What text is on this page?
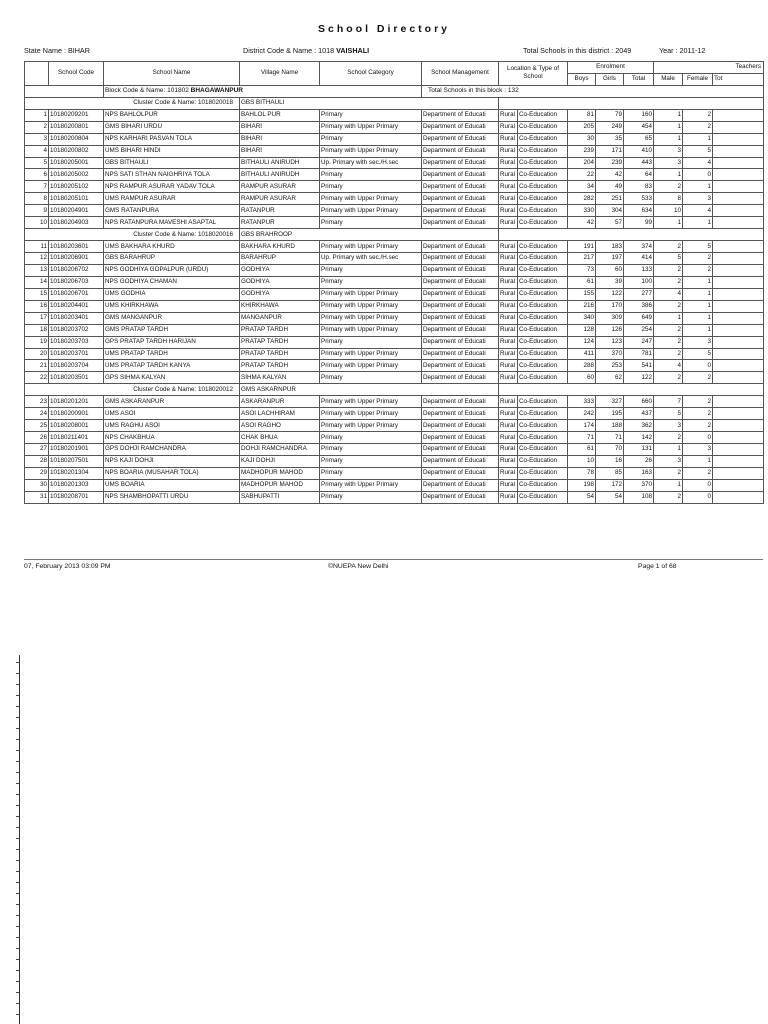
School Directory
State Name : BIHAR	District Code & Name : 1018 VAISHALI	Total Schools in this district : 2049	Year : 2011-12
	School Code	School Name	Village Name	School Category	School Management	Location & Type of School		Enrolment			Teachers		
								Boys	Girls	Total	Male	Female	Tot
		Block Code & Name: 101802 BHAGAWANPUR			Total Schools in this block : 132								
Cluster Code & Name: 1018020018			GBS BITHAULI										
1	10180209201	NPS BAHLOLPUR	BAHLOL PUR	Primary	Department of Educati	Rural	Co-Education	81	79	160	1	2	
2	10180200801	GMS BIHARI URDU	BIHARI	Primary with Upper Primary	Department of Educati	Rural	Co-Education	205	249	454	1	2	
3	10180200804	NPS KARHARI PASVAN TOLA	BIHARI	Primary	Department of Educati	Rural	Co-Education	30	35	65	1	1	
4	10180200802	UMS BIHARI HINDI	BIHARI	Primary with Upper Primary	Department of Educati	Rural	Co-Education	239	171	410	3	5	
5	10180205001	GBS BITHAULI	BITHAULI ANIRUDH	Up. Primary with sec./H.sec	Department of Educati	Rural	Co-Education	204	239	443	3	4	
6	10180205002	NPS SATI STHAN NAIGHRIYA TOLA	BITHAULI ANIRUDH	Primary	Department of Educati	Rural	Co-Education	22	42	64	1	0	
7	10180205102	NPS RAMPUR ASURAR YADAV TOLA	RAMPUR ASURAR	Primary	Department of Educati	Rural	Co-Education	34	49	83	2	1	
8	10180205101	UMS RAMPUR ASURAR	RAMPUR ASURAR	Primary with Upper Primary	Department of Educati	Rural	Co-Education	282	251	533	8	3	
9	10180204901	GMS RATANPURA	RATANPUR	Primary with Upper Primary	Department of Educati	Rural	Co-Education	330	304	634	10	4	
10	10180204903	NPS RATANPURA MAVESHI ASAPTAL	RATANPUR	Primary	Department of Educati	Rural	Co-Education	42	57	99	1	1	
Cluster Code & Name: 1018020016			GBS BRAHROOP										
11	10180203601	UMS BAKHARA KHURD	BAKHARA KHURD	Primary with Upper Primary	Department of Educati	Rural	Co-Education	191	183	374	2	5	
12	10180206901	GBS BARAHRUP	BARAHRUP	Up. Primary with sec./H.sec	Department of Educati	Rural	Co-Education	217	197	414	5	2	
13	10180206702	NPS GODHIYA GOPALPUR (URDU)	GODHIYA	Primary	Department of Educati	Rural	Co-Education	73	60	133	2	2	
14	10180206703	NPS GODHIYA CHAMAN	GODHIYA	Primary	Department of Educati	Rural	Co-Education	61	39	100	2	1	
15	10180206701	UMS GODHIA	GODHIYA	Primary with Upper Primary	Department of Educati	Rural	Co-Education	155	122	277	4	1	
16	10180204401	UMS KHIRKHAWA	KHIRKHAWA	Primary with Upper Primary	Department of Educati	Rural	Co-Education	216	170	386	2	1	
17	10180203401	GMS MANGANPUR	MANGANPUR	Primary with Upper Primary	Department of Educati	Rural	Co-Education	340	309	649	1	1	
18	10180203702	GMS PRATAP TARDH	PRATAP TARDH	Primary with Upper Primary	Department of Educati	Rural	Co-Education	128	126	254	2	1	
19	10180203703	GPS PRATAP TARDH HARIJAN	PRATAP TARDH	Primary	Department of Educati	Rural	Co-Education	124	123	247	2	3	
20	10180203701	UMS PRATAP TARDH	PRATAP TARDH	Primary with Upper Primary	Department of Educati	Rural	Co-Education	411	370	781	2	5	
21	10180203704	UMS PRATAP TARDH KANYA	PRATAP TARDH	Primary with Upper Primary	Department of Educati	Rural	Co-Education	288	253	541	4	0	
22	10180203501	GPS SIHMA KALYAN	SIHMA KALYAN	Primary	Department of Educati	Rural	Co-Education	60	62	122	2	2	
Cluster Code & Name: 1018020012			GMS ASKARNPUR										
23	10180201201	GMS ASKARANPUR	ASKARANPUR	Primary with Upper Primary	Department of Educati	Rural	Co-Education	333	327	660	7	2	
24	10180200901	UMS ASOI	ASOI LACHHIRAM	Primary with Upper Primary	Department of Educati	Rural	Co-Education	242	195	437	5	2	
25	10180208001	UMS RAGHU ASOI	ASOI RAGHO	Primary with Upper Primary	Department of Educati	Rural	Co-Education	174	188	362	3	2	
26	10180211401	NPS CHAKBHUA	CHAK BHUA	Primary	Department of Educati	Rural	Co-Education	71	71	142	2	0	
27	10180201901	GPS DOHJI RAMCHANDRA	DOHJI RAMCHANDRA	Primary	Department of Educati	Rural	Co-Education	61	70	131	1	3	
28	10180207501	NPS KAJI DOHJI	KAJI DOHJI	Primary	Department of Educati	Rural	Co-Education	10	16	26	3	1	
29	10180201304	NPS BOARIA (MUSAHAR TOLA)	MADHOPUR MAHOD	Primary	Department of Educati	Rural	Co-Education	78	85	163	2	2	
30	10180201303	UMS BOARIA	MADHOPUR MAHOD	Primary with Upper Primary	Department of Educati	Rural	Co-Education	198	172	370	1	0	
31	10180208701	NPS SHAMBHOPATTI URDU	SABHUPATTI	Primary	Department of Educati	Rural	Co-Education	54	54	108	2	0	
07, February 2013 03:09 PM	©NUEPA New Delhi	Page 1 of 68
